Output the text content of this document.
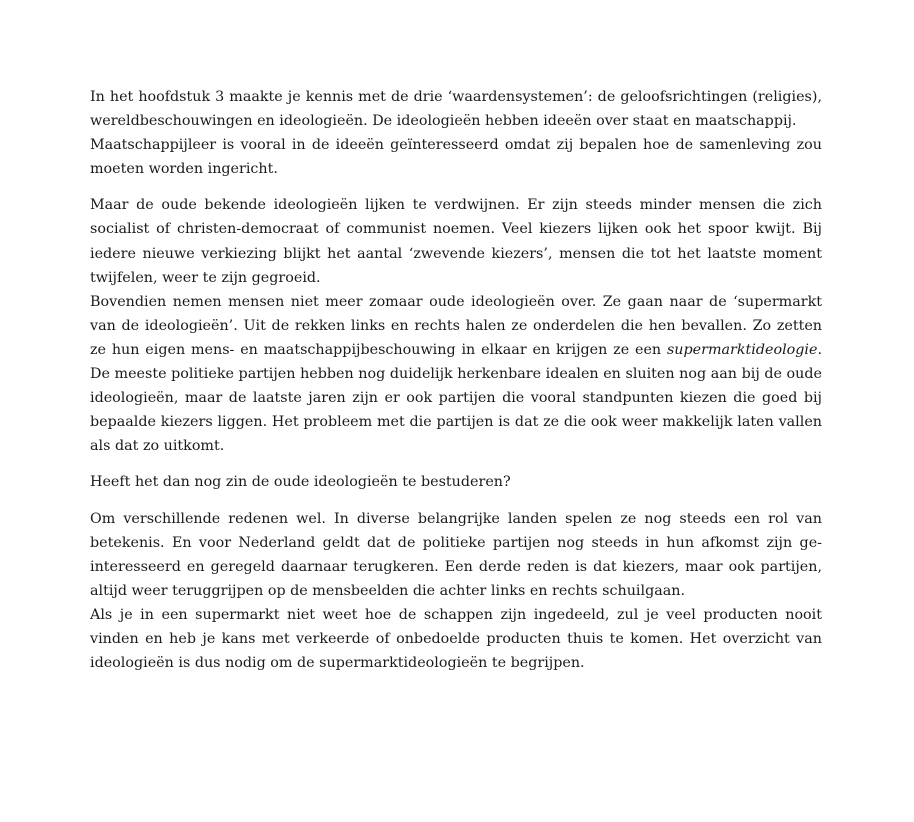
In het hoofdstuk 3 maakte je kennis met de drie ‘waardensystemen’: de geloofsrichtingen (religies), wereldbeschouwingen en ideologieën. De ideologieën hebben ideeën over staat en maatschappij.

Maatschappijleer is vooral in de ideeën geïnteresseerd omdat zij bepalen hoe de samenleving zou moeten worden ingericht.

Maar de oude bekende ideologieën lijken te verdwijnen. Er zijn steeds minder mensen die zich socialist of christen-democraat of communist noemen. Veel kiezers lijken ook het spoor kwijt. Bij iedere nieuwe verkiezing blijkt het aantal ‘zwevende kiezers’, mensen die tot het laatste moment twijfelen, weer te zijn gegroeid.

Bovendien nemen mensen niet meer zomaar oude ideologieën over. Ze gaan naar de ‘supermarkt van de ideologieën’. Uit de rekken links en rechts halen ze onderdelen die hen bevallen. Zo zetten ze hun eigen mens- en maatschappijbeschouwing in elkaar en krijgen ze een supermarktideologie. De meeste politieke partijen hebben nog duidelijk herkenbare idealen en sluiten nog aan bij de oude ideologieën, maar de laatste jaren zijn er ook partijen die vooral standpunten kiezen die goed bij bepaalde kiezers liggen. Het probleem met die partijen is dat ze die ook weer makkelijk laten vallen als dat zo uitkomt.

Heeft het dan nog zin de oude ideologieën te bestuderen?

Om verschillende redenen wel. In diverse belangrijke landen spelen ze nog steeds een rol van betekenis. En voor Nederland geldt dat de politieke partijen nog steeds in hun afkomst zijn geinteresseerd en geregeld daarnaar terugkeren. Een derde reden is dat kiezers, maar ook partijen, altijd weer teruggrijpen op de mensbeelden die achter links en rechts schuilgaan.

Als je in een supermarkt niet weet hoe de schappen zijn ingedeeld, zul je veel producten nooit vinden en heb je kans met verkeerde of onbedoelde producten thuis te komen. Het overzicht van ideologieën is dus nodig om de supermarktideologieën te begrijpen.
